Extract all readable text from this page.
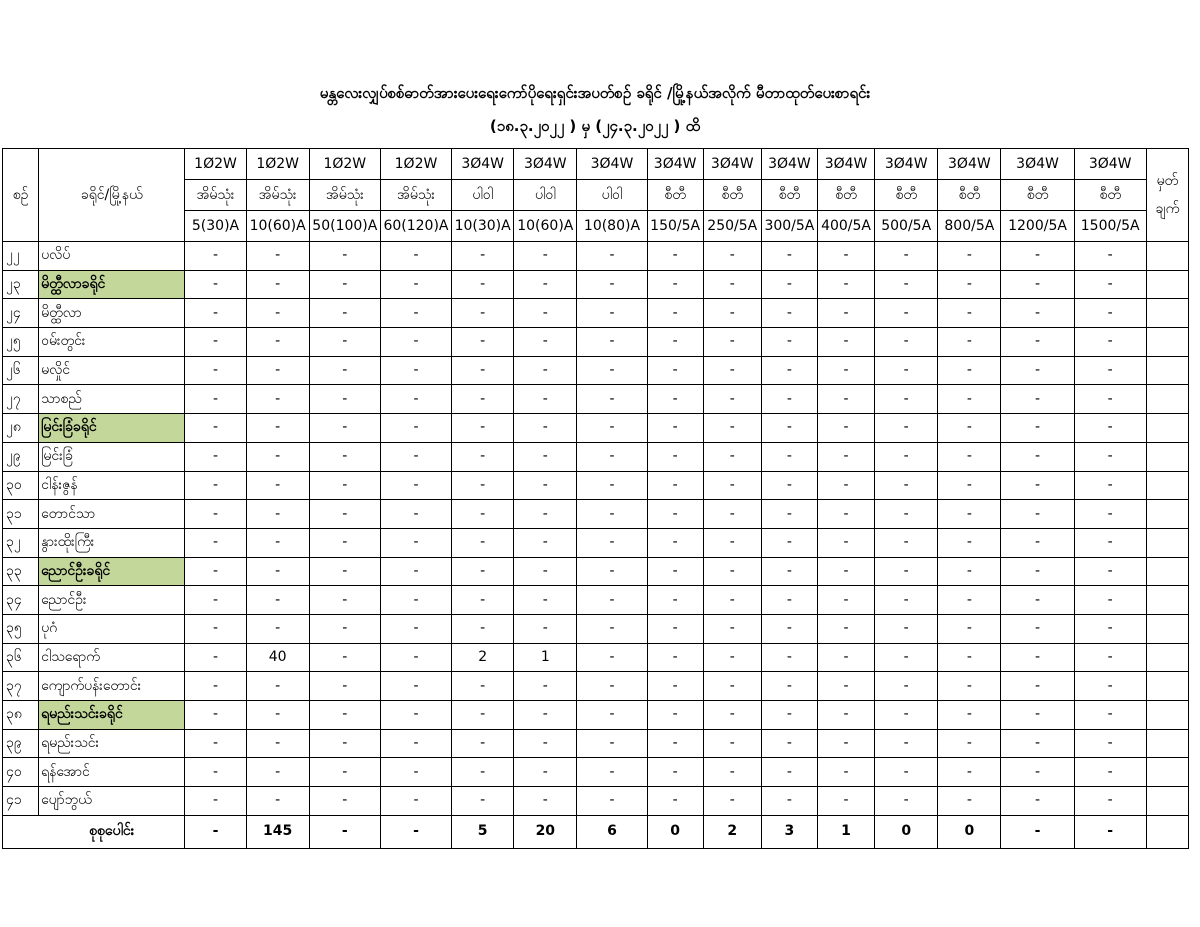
မန္တလေးလျှပ်စစ်ဓာတ်အားပေးရေးကော်ပိုရေးရှင်းအပတ်စဉ် ခရိုင် /မြို့နယ်အလိုက် မီတာထုတ်ပေးစာရင်း
(၁၈.၃.၂၀၂၂ ) မှ (၂၄.၃.၂၀၂၂ ) ထိ
စဉ်	ခရိုင်/မြို့နယ်	1Ø2W	1Ø2W	1Ø2W	1Ø2W	3Ø4W	3Ø4W	3Ø4W	3Ø4W	3Ø4W	3Ø4W	3Ø4W	3Ø4W	3Ø4W	3Ø4W	3Ø4W	မှတ်
ချက်

		အိမ်သုံး	အိမ်သုံး	အိမ်သုံး	အိမ်သုံး	ပါဝါ	ပါဝါ	ပါဝါ	စီတီ	စီတီ	စီတီ	စီတီ	စီတီ	စီတီ	စီတီ	စီတီ	
		5(30)A	10(60)A	50(100)A	60(120)A	10(30)A	10(60)A	10(80)A	150/5A	250/5A	300/5A	400/5A	500/5A	800/5A	1200/5A	1500/5A	
၂၂	ပလိပ်	-	-	-	-	-	-	-	-	-	-	-	-	-	-	-	
၂၃	မိတ္ထီလာခရိုင်	-	-	-	-	-	-	-	-	-	-	-	-	-	-	-	
၂၄	မိတ္ထီလာ	-	-	-	-	-	-	-	-	-	-	-	-	-	-	-	
၂၅	ဝမ်းတွင်း	-	-	-	-	-	-	-	-	-	-	-	-	-	-	-	
၂၆	မလှိုင်	-	-	-	-	-	-	-	-	-	-	-	-	-	-	-	
၂၇	သာစည်	-	-	-	-	-	-	-	-	-	-	-	-	-	-	-	
၂၈	မြင်းခြံခရိုင်	-	-	-	-	-	-	-	-	-	-	-	-	-	-	-	
၂၉	မြင်းခြံ	-	-	-	-	-	-	-	-	-	-	-	-	-	-	-	
၃၀	ငါန်းဇွန်	-	-	-	-	-	-	-	-	-	-	-	-	-	-	-	
၃၁	တောင်သာ	-	-	-	-	-	-	-	-	-	-	-	-	-	-	-	
၃၂	နွားထိုးကြီး	-	-	-	-	-	-	-	-	-	-	-	-	-	-	-	
၃၃	ညောင်ဦးခရိုင်	-	-	-	-	-	-	-	-	-	-	-	-	-	-	-	
၃၄	ညောင်ဦး	-	-	-	-	-	-	-	-	-	-	-	-	-	-	-	
၃၅	ပုဂံ	-	-	-	-	-	-	-	-	-	-	-	-	-	-	-	
၃၆	ငါသရောက်	-	40	-	-	2	1	-	-	-	-	-	-	-	-	-	
၃၇	ကျောက်ပန်းတောင်း	-	-	-	-	-	-	-	-	-	-	-	-	-	-	-	
၃၈	ရမည်းသင်းခရိုင်	-	-	-	-	-	-	-	-	-	-	-	-	-	-	-	
၃၉	ရမည်းသင်း	-	-	-	-	-	-	-	-	-	-	-	-	-	-	-	
၄၀	ရန်အောင်	-	-	-	-	-	-	-	-	-	-	-	-	-	-	-	
၄၁	ပျော်ဘွယ်	-	-	-	-	-	-	-	-	-	-	-	-	-	-	-	
စုစုပေါင်း		-	145	-	-	5	20	6	0	2	3	1	0	0	-	-	
